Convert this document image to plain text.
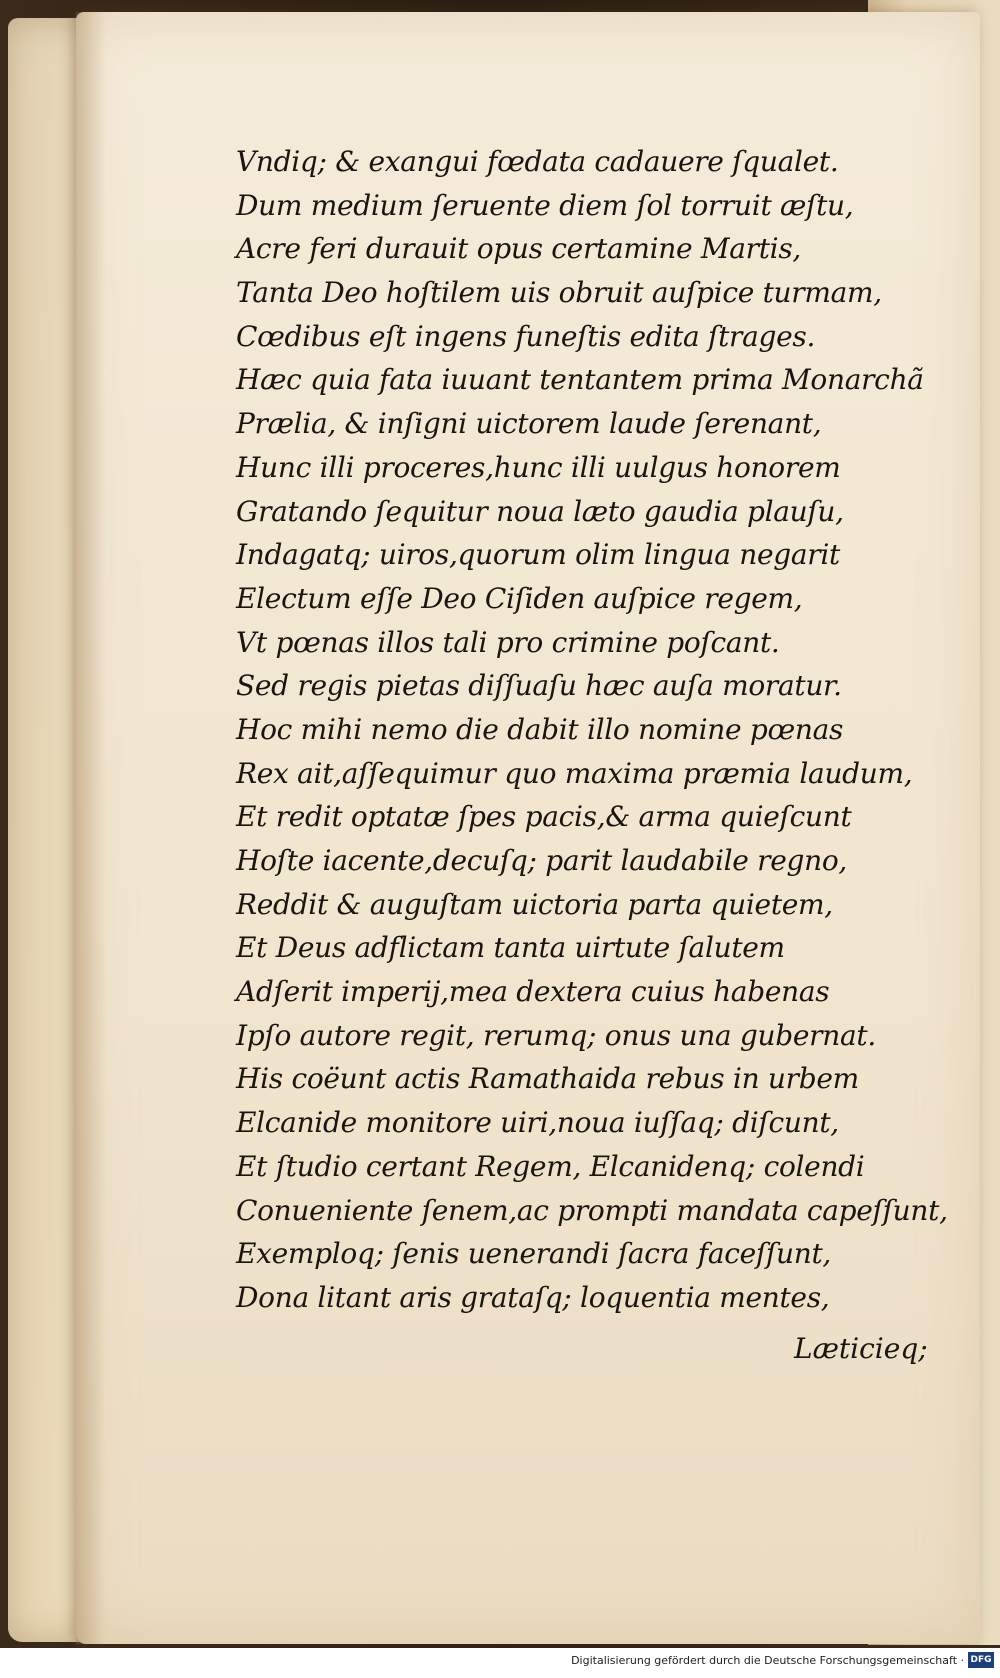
Vndiq; & exangui fœdata cadauere ſqualet.
Dum medium ſeruente diem ſol torruit æſtu,
Acre feri durauit opus certamine Martis,
Tanta Deo hoſtilem uis obruit auſpice turmam,
Cœdibus eſt ingens funeſtis edita ſtrages.
Hæc quia fata iuuant tentantem prima Monarchã
Prælia, & inſigni uictorem laude ſerenant,
Hunc illi proceres,hunc illi uulgus honorem
Gratando ſequitur noua læto gaudia plauſu,
Indagatq; uiros,quorum olim lingua negarit
Electum eſſe Deo Ciſiden auſpice regem,
Vt pœnas illos tali pro crimine poſcant.
Sed regis pietas diſſuaſu hæc auſa moratur.
Hoc mihi nemo die dabit illo nomine pœnas
Rex ait,aſſequimur quo maxima præmia laudum,
Et redit optatæ ſpes pacis,& arma quieſcunt
Hoſte iacente,decuſq; parit laudabile regno,
Reddit & auguſtam uictoria parta quietem,
Et Deus adflictam tanta uirtute ſalutem
Adſerit imperij,mea dextera cuius habenas
Ipſo autore regit, rerumq; onus una gubernat.
His coëunt actis Ramathaida rebus in urbem
Elcanide monitore uiri,noua iuſſaq; diſcunt,
Et ſtudio certant Regem, Elcanidenq; colendi
Conueniente ſenem,ac prompti mandata capeſſunt,
Exemploq; ſenis uenerandi ſacra faceſſunt,
Dona litant aris grataſq; loquentia mentes,
Læticieq;
Digitalisierung gefördert durch die Deutsche Forschungsgemeinschaft · DFG
